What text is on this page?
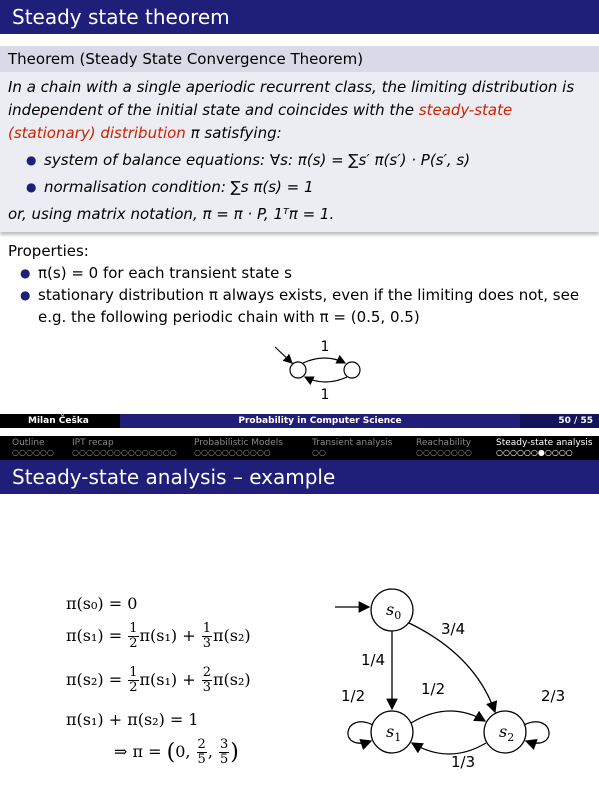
Steady state theorem
Theorem (Steady State Convergence Theorem)
In a chain with a single aperiodic recurrent class, the limiting distribution is independent of the initial state and coincides with the steady-state (stationary) distribution π satisfying:
● system of balance equations: ∀s: π(s) = ∑s′ π(s′) · P(s′, s)
● normalisation condition: ∑s π(s) = 1
or, using matrix notation, π = π · P, 1ᵀπ = 1.
Properties:
● π(s) = 0 for each transient state s
● stationary distribution π always exists, even if the limiting does not, see e.g. the following periodic chain with π = (0.5, 0.5)
1
1
Milan Češka	Probability in Computer Science	50 / 55
Outline
○○○○○○
IPT recap
○○○○○○○○○○○○○○○
Probabilistic Models
○○○○○○○○○○○
Transient analysis
○○
Reachability
○○○○○○○○
Steady-state analysis
○○○○○○●○○○○
Steady-state analysis – example
π(s₀) = 0
$\pi(s_1) = \frac{1}{2} \pi(s_1) + \frac{1}{3} \pi(s_2)$
$\pi(s_2) = \frac{1}{2} \pi(s_1) + \frac{2}{3} \pi(s_2)$
π(s₁) + π(s₂) = 1
⇒ π = (0, $\frac{2}{5}$ , $\frac{3}{5}$ )
$s_0$
$s_1$	$s_2$
3/4
1/4
1/2
1/2	2/3
1/3
